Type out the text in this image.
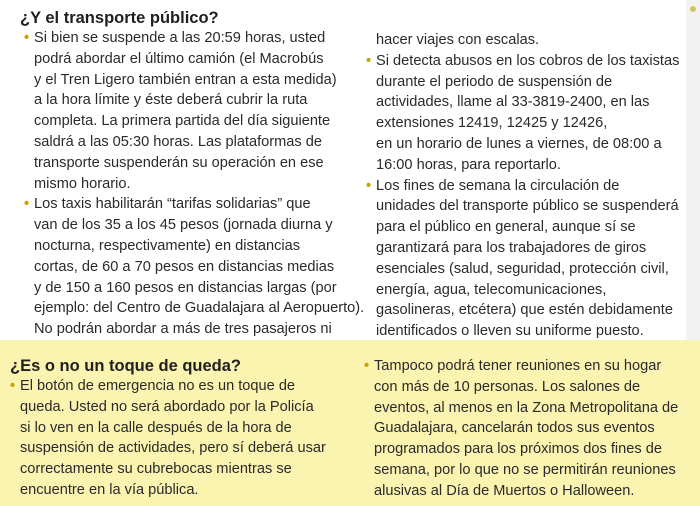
¿Y el transporte público?
• Si bien se suspende a las 20:59 horas, usted
podrá abordar el último camión (el Macrobús
y el Tren Ligero también entran a esta medida)
a la hora límite y éste deberá cubrir la ruta
completa. La primera partida del día siguiente
saldrá a las 05:30 horas. Las plataformas de
transporte suspenderán su operación en ese
mismo horario.
• Los taxis habilitarán “tarifas solidarias” que
van de los 35 a los 45 pesos (jornada diurna y
nocturna, respectivamente) en distancias
cortas, de 60 a 70 pesos en distancias medias
y de 150 a 160 pesos en distancias largas (por
ejemplo: del Centro de Guadalajara al Aeropuerto).
No podrán abordar a más de tres pasajeros ni
hacer viajes con escalas.
• Si detecta abusos en los cobros de los taxistas
durante el periodo de suspensión de
actividades, llame al 33-3819-2400, en las
extensiones 12419, 12425 y 12426,
en un horario de lunes a viernes, de 08:00 a
16:00 horas, para reportarlo.
• Los fines de semana la circulación de
unidades del transporte público se suspenderá
para el público en general, aunque sí se
garantizará para los trabajadores de giros
esenciales (salud, seguridad, protección civil,
energía, agua, telecomunicaciones,
gasolineras, etcétera) que estén debidamente
identificados o lleven su uniforme puesto.
¿Es o no un toque de queda?
• El botón de emergencia no es un toque de
queda. Usted no será abordado por la Policía
si lo ven en la calle después de la hora de
suspensión de actividades, pero sí deberá usar
correctamente su cubrebocas mientras se
encuentre en la vía pública.
• Tampoco podrá tener reuniones en su hogar
con más de 10 personas. Los salones de
eventos, al menos en la Zona Metropolitana de
Guadalajara, cancelarán todos sus eventos
programados para los próximos dos fines de
semana, por lo que no se permitirán reuniones
alusivas al Día de Muertos o Halloween.
